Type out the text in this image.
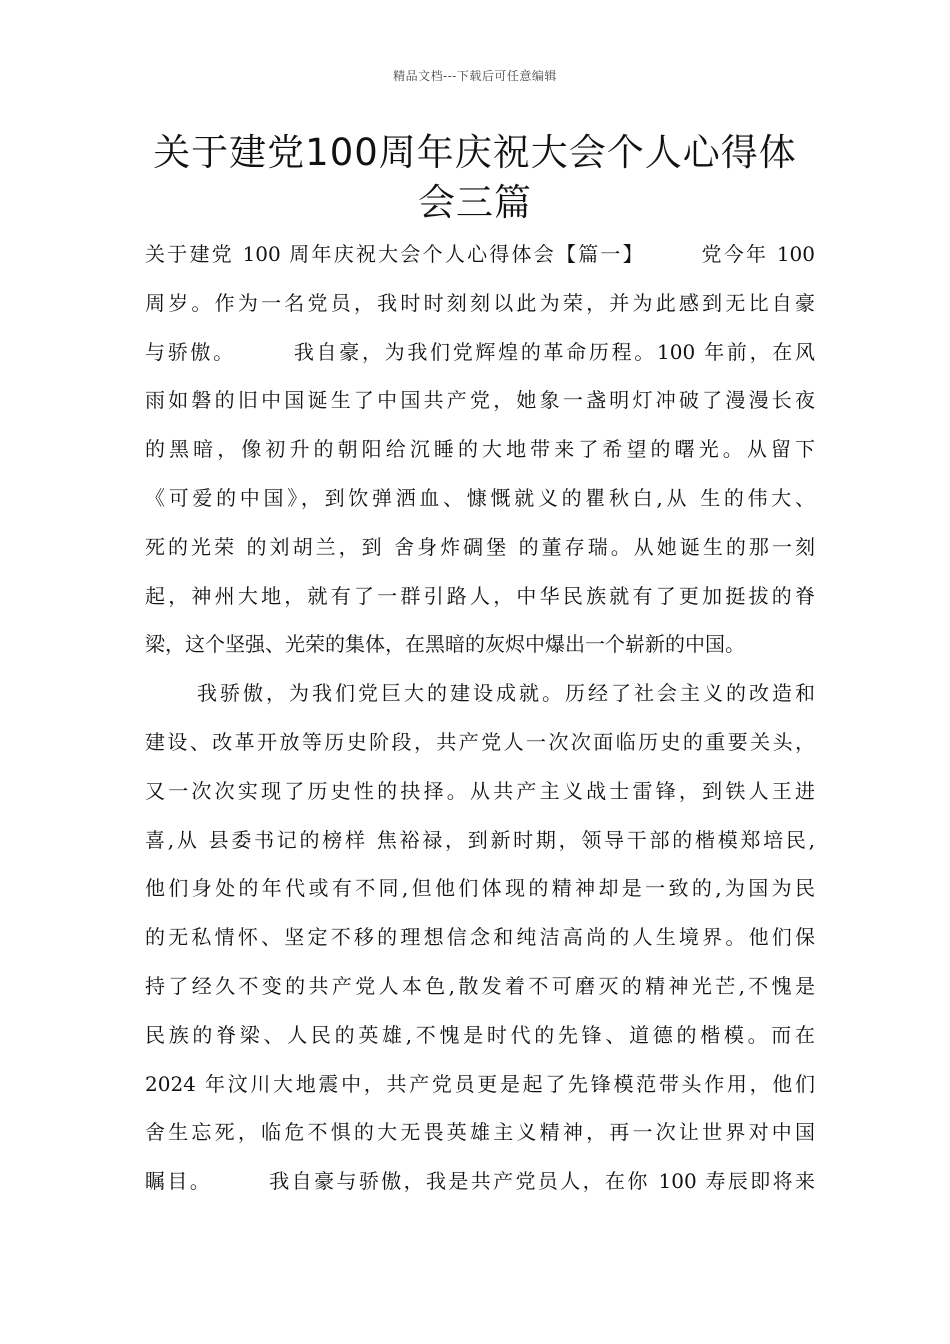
精品文档---下载后可任意编辑
关于建党100周年庆祝大会个人心得体
会三篇
关于建党 100 周年庆祝大会个人心得体会【篇一】　　　党今年 100
周岁。作为一名党员，我时时刻刻以此为荣，并为此感到无比自豪
与骄傲。　　　我自豪，为我们党辉煌的革命历程。100 年前，在风
雨如磐的旧中国诞生了中国共产党，她象一盏明灯冲破了漫漫长夜
的黑暗，像初升的朝阳给沉睡的大地带来了希望的曙光。从留下
《可爱的中国》，到饮弹洒血、慷慨就义的瞿秋白,从 生的伟大、
死的光荣 的刘胡兰，到 舍身炸碉堡 的董存瑞。从她诞生的那一刻
起，神州大地，就有了一群引路人，中华民族就有了更加挺拔的脊
梁，这个坚强、光荣的集体，在黑暗的灰烬中爆出一个崭新的中国。
我骄傲，为我们党巨大的建设成就。历经了社会主义的改造和
建设、改革开放等历史阶段，共产党人一次次面临历史的重要关头，
又一次次实现了历史性的抉择。从共产主义战士雷锋，到铁人王进
喜,从 县委书记的榜样 焦裕禄，到新时期，领导干部的楷模郑培民,
他们身处的年代或有不同,但他们体现的精神却是一致的,为国为民
的无私情怀、坚定不移的理想信念和纯洁高尚的人生境界。他们保
持了经久不变的共产党人本色,散发着不可磨灭的精神光芒,不愧是
民族的脊梁、人民的英雄,不愧是时代的先锋、道德的楷模。而在
2024 年汶川大地震中，共产党员更是起了先锋模范带头作用，他们
舍生忘死，临危不惧的大无畏英雄主义精神，再一次让世界对中国
瞩目。　　　我自豪与骄傲，我是共产党员人，在你 100 寿辰即将来
